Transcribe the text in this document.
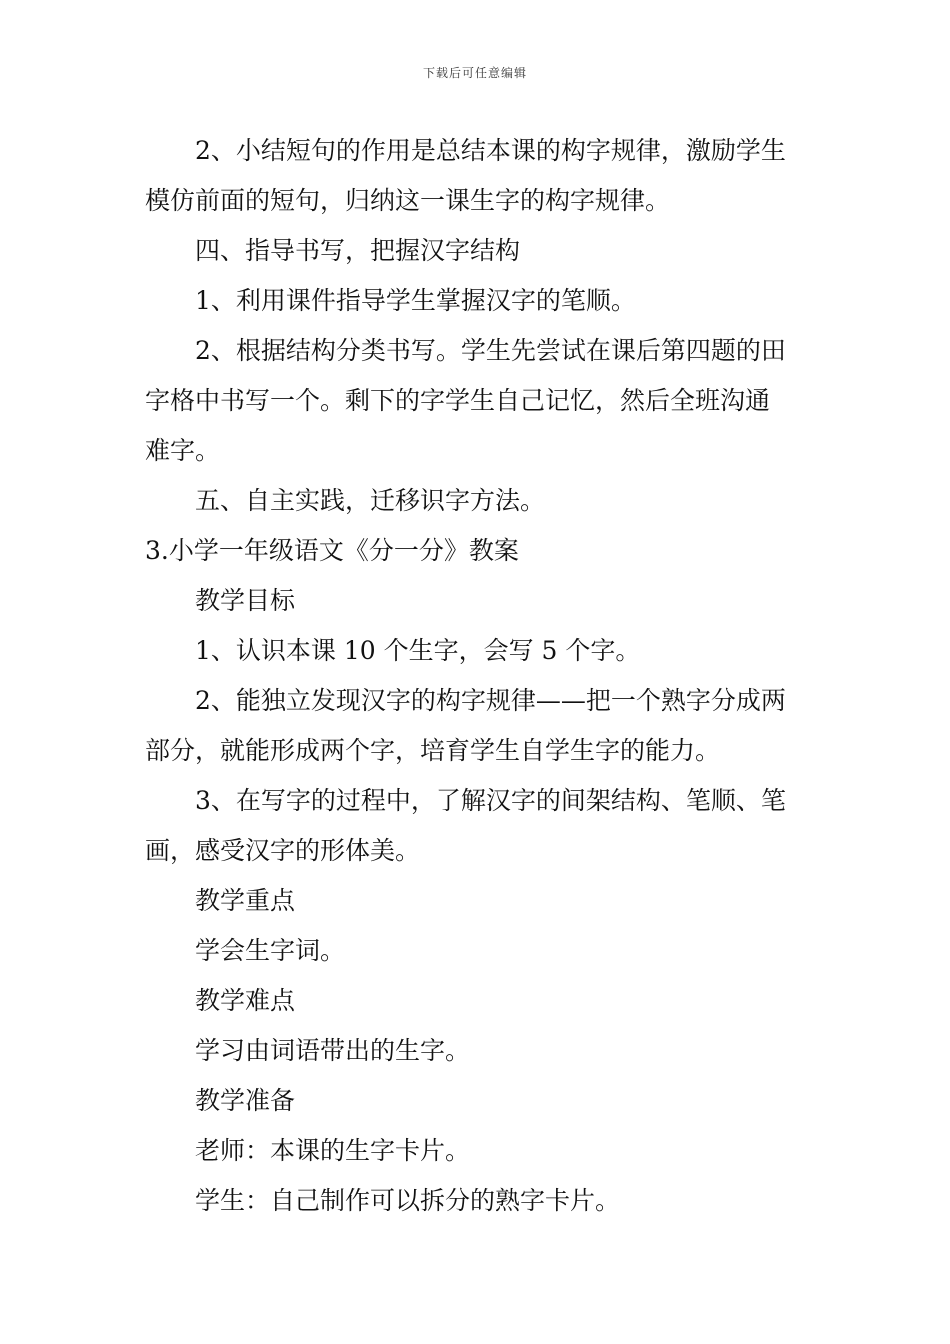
下载后可任意编辑
2、小结短句的作用是总结本课的构字规律，激励学生
模仿前面的短句，归纳这一课生字的构字规律。
四、指导书写，把握汉字结构
1、利用课件指导学生掌握汉字的笔顺。
2、根据结构分类书写。学生先尝试在课后第四题的田
字格中书写一个。剩下的字学生自己记忆，然后全班沟通
难字。
五、自主实践，迁移识字方法。
3.小学一年级语文《分一分》教案
教学目标
1、认识本课 10 个生字，会写 5 个字。
2、能独立发现汉字的构字规律——把一个熟字分成两
部分，就能形成两个字，培育学生自学生字的能力。
3、在写字的过程中，了解汉字的间架结构、笔顺、笔
画，感受汉字的形体美。
教学重点
学会生字词。
教学难点
学习由词语带出的生字。
教学准备
老师：本课的生字卡片。
学生：自己制作可以拆分的熟字卡片。
